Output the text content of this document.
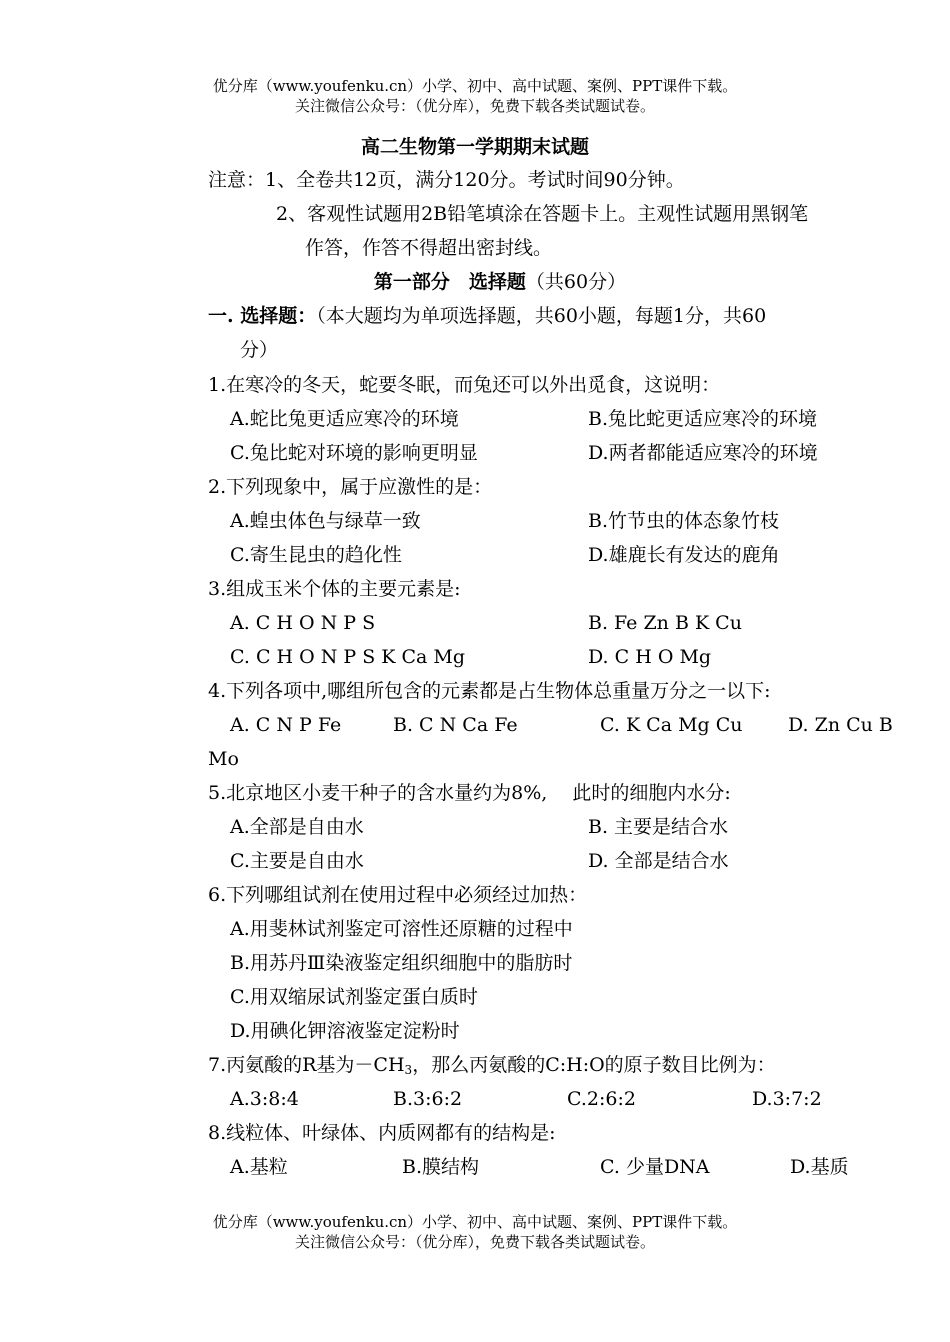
优分库（www.youfenku.cn）小学、初中、高中试题、案例、PPT课件下载。
关注微信公众号：（优分库），免费下载各类试题试卷。
高二生物第一学期期末试题
注意：1、全卷共12页，满分120分。考试时间90分钟。
2、客观性试题用2B铅笔填涂在答题卡上。主观性试题用黑钢笔
作答，作答不得超出密封线。
第一部分　选择题（共60分）
一. 选择题：（本大题均为单项选择题，共60小题，每题1分，共60
分）
1.在寒冷的冬天，蛇要冬眠，而兔还可以外出觅食，这说明：
A.蛇比兔更适应寒冷的环境	B.兔比蛇更适应寒冷的环境
C.兔比蛇对环境的影响更明显	D.两者都能适应寒冷的环境
2.下列现象中，属于应激性的是：
A.蝗虫体色与绿草一致	B.竹节虫的体态象竹枝
C.寄生昆虫的趋化性	D.雄鹿长有发达的鹿角
3.组成玉米个体的主要元素是:
A. C H O N P S	B. Fe Zn B K Cu
C. C H O N P S K Ca Mg	D. C H O Mg
4.下列各项中,哪组所包含的元素都是占生物体总重量万分之一以下:
A. C N P Fe	B. C N Ca Fe	C. K Ca Mg Cu D. Zn Cu B
Mo
5.北京地区小麦干种子的含水量约为8%,　 此时的细胞内水分:
A.全部是自由水	B. 主要是结合水
C.主要是自由水	D. 全部是结合水
6.下列哪组试剂在使用过程中必须经过加热：
A.用斐林试剂鉴定可溶性还原糖的过程中
B.用苏丹Ⅲ染液鉴定组织细胞中的脂肪时
C.用双缩尿试剂鉴定蛋白质时
D.用碘化钾溶液鉴定淀粉时
7.丙氨酸的R基为$-CH_3$，那么丙氨酸的C:H:O的原子数目比例为：
A.3:8:4	B.3:6:2	C.2:6:2	D.3:7:2
8.线粒体、叶绿体、内质网都有的结构是:
A.基粒	B.膜结构	C. 少量DNA	D.基质
优分库（www.youfenku.cn）小学、初中、高中试题、案例、PPT课件下载。
关注微信公众号：（优分库），免费下载各类试题试卷。
